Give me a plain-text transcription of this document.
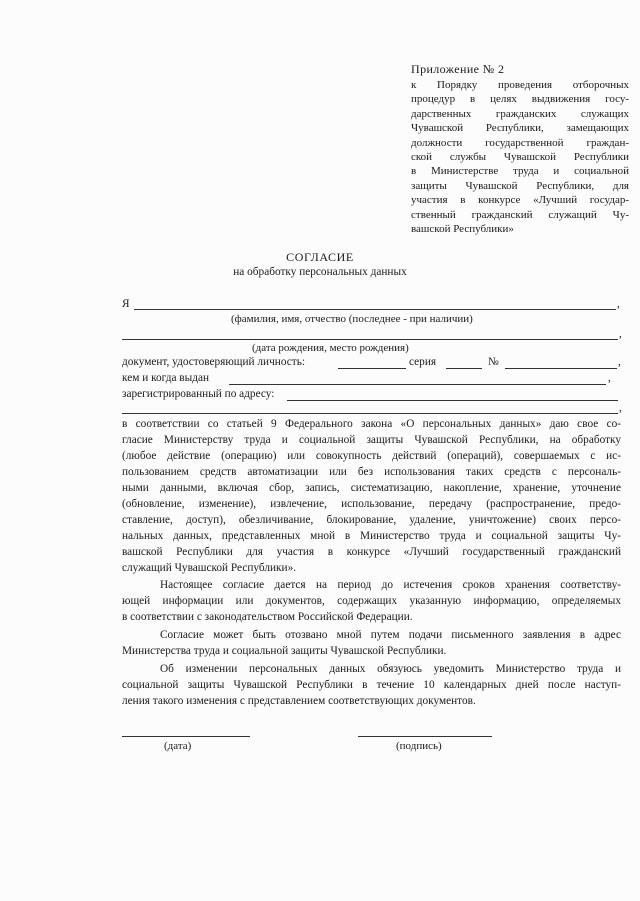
Приложение № 2
к Порядку проведения отборочных
процедур в целях выдвижения госу-
дарственных гражданских служащих
Чувашской Республики, замещающих
должности государственной граждан-
ской службы Чувашской Республики
в Министерстве труда и социальной
защиты Чувашской Республики, для
участия в конкурсе «Лучший государ-
ственный гражданский служащий Чу-
вашской Республики»
СОГЛАСИЕ
на обработку персональных данных
Я	,
(фамилия, имя, отчество (последнее - при наличии)
,
(дата рождения, место рождения)
документ, удостоверяющий личность:	серия	№	,
кем и когда выдан	,
зарегистрированный по адресу:
,
в соответствии со статьей 9 Федерального закона «О персональных данных» даю свое со-
гласие Министерству труда и социальной защиты Чувашской Республики, на обработку
(любое действие (операцию) или совокупность действий (операций), совершаемых с ис-
пользованием средств автоматизации или без использования таких средств с персональ-
ными данными, включая сбор, запись, систематизацию, накопление, хранение, уточнение
(обновление, изменение), извлечение, использование, передачу (распространение, предо-
ставление, доступ), обезличивание, блокирование, удаление, уничтожение) своих персо-
нальных данных, представленных мной в Министерство труда и социальной защиты Чу-
вашской Республики для участия в конкурсе «Лучший государственный гражданский
служащий Чувашской Республики».
Настоящее согласие дается на период до истечения сроков хранения соответству-
ющей информации или документов, содержащих указанную информацию, определяемых
в соответствии с законодательством Российской Федерации.
Согласие может быть отозвано мной путем подачи письменного заявления в адрес
Министерства труда и социальной защиты Чувашской Республики.
Об изменении персональных данных обязуюсь уведомить Министерство труда и
социальной защиты Чувашской Республики в течение 10 календарных дней после наступ-
ления такого изменения с представлением соответствующих документов.
(дата)	(подпись)
